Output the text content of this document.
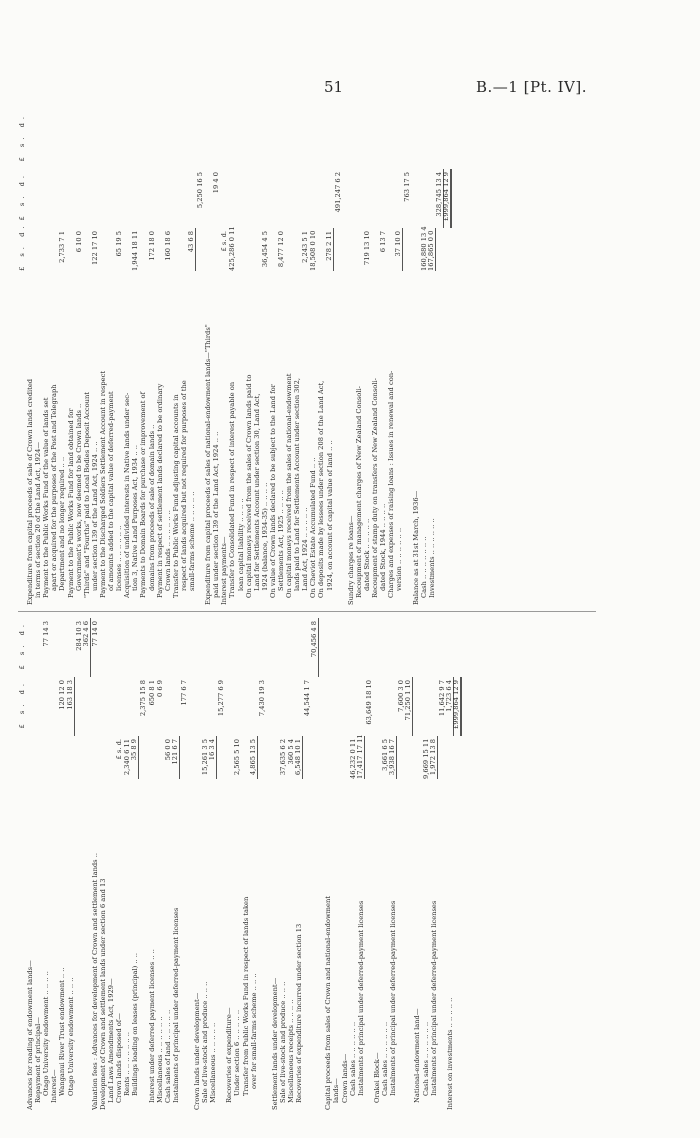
51	B.—1 [Pt. IV].
£ s. d.
£ s. d.
Advances for roading of endowment lands— Repayment of principal— Otago University endowment .. .. .. ..
77 14 3
Interest— Wanganui River Trust endowment .. ..
120 12 0
Otago University endowment .. .. ..
163 18 3
284 10 3 362 4 6
Valuation fees : Advances for development of Crown and settlement lands ..
77 14 0
Development of Crown and settlement lands under section 6 and 13 Land Laws Amendments Act, 1929— Crown lands disposed of—
£ s. d.
Rents .. .. .. .. .. .. ..
2,340 6 11
Buildings loading on leases (principal) .. ..
35 8 9
2,375 15 8
Interest under deferred payment licenses .. ..
650 8 1
Miscellaneous .. .. .. .. .. ..
0 6 9
Cash sales of land .. .. .. .. ..
56 0 0
Instalments of principal under deferred-payment licenses
121 6 7
177 6 7
Crown lands under development— Sale of live-stock and produce .. .. ..
15,261 3 5
Miscellaneous .. .. .. .. ..
16 3 4
15,277 6 9
Recoveries of expenditure— Under section 6 .. .. .. .. ..
2,565 5 10
Transfer from Public Works Fund in respect of lands taken over for small-farms scheme .. .. ..
4,865 13 5
7,430 19 3
Settlement lands under development— Sale of live-stock and produce .. .. ..
37,635 6 2
Miscellaneous receipts .. .. .. ..
360 5 4
Recoveries of expenditure incurred under section 13
6,548 10 1
44,544 1 7
70,456 4 8
Capital proceeds from sales of Crown and national-endowment lands— Crown lands— Cash sales .. .. .. .. .. ..
46,232 0 11
Instalments of principal under deferred-payment licenses
17,417 17 11
63,649 18 10
Orakei Block— Cash sales .. .. .. .. .. ..
3,661 6 5
Instalments of principal under deferred-payment licenses
3,938 16 7
7,600 3 0 71,250 1 10
National-endowment land— Cash sales .. .. .. .. .. ..
9,669 15 11
Instalments of principal under deferred-payment licenses
1,972 13 8
11,642 9 7
Interest on investments .. .. .. .. ..
1,723 6 4 £999,864 12 9
£ s. d.
£ s. d.
£ s. d.
Expenditure from capital proceeds of sale of Crown lands credited in terms of section 20 of the Land Act, 1924— Payment to the Public Works Fund of the value of lands set apart or acquired for the purposes of the Post and Telegraph Department and no longer required .. ..
2,733 7 1
Payment to the Public Works Fund for land obtained for Government's works, now deemed to be Crown lands ..
6 10 0
"Thirds" and "Fourths" paid to Local Bodies Deposit Account under section 139 of the Land Act, 1924 .. ..
122 17 10
Payment to the Discharged Soldiers Settlement Account in respect of amounts added to the capital value of deferred-payment licenses .. .. .. .. .. ..
65 19 5
Acquisition of undivided interests in Native lands under sec- tion 3, Native Land Purposes Act, 1934 .. ..
1,944 18 11
Payments to Domain Boards for purchase or improvement of domains from proceeds of sale of domain lands ..
172 18 0
Payment in respect of settlement lands declared to be ordinary Crown lands .. .. .. .. .. ..
160 18 6
Transfer to Public Works Fund adjusting capital accounts in respect of lands acquired but not required for purposes of the small-farms scheme .. .. .. .. ..
43 6 8
5,250 16 5
Expenditure from capital proceeds of sales of national-endowment lands—"Thirds" paid under section 139 of the Land Act, 1924 .. ..
19 4 0
Interest payments—
£ s. d.
Transfer to Consolidated Fund in respect of interest payable on
425,286 0 11
loan capital liability .. .. .. .. On capital moneys received from the sales of Crown lands paid to Land for Settlements Account under section 30, Land Act, 1924 (balance, 1934-35) .. .. .. ..
36,454 4 5
On value of Crown lands declared to be subject to the Land for Settlements Act, 1925 .. .. .. ..
8,477 12 0
On capital moneys received from the sales of national-endowment lands paid to Land for Settlements Account under section 302, Land Act, 1924 .. .. .. .. ..
2,243 5 1
On Cheviot Estate Accumulated Fund .. ..
18,508 0 10
On deposits made by lessees under section 208 of the Land Act, 1924, on account of capital value of land .. ..
278 2 11
491,247 6 2
Sundry charges re loans— Recoupment of management charges of New Zealand Consoli- dated Stock .. .. .. .. ..
719 13 10
Recoupment of stamp duty on transfers of New Zealand Consoli- dated Stock, 1944 .. .. .. ..
6 13 7
Charges and expenses of raising loans : Issues in renewal and con- version .. .. .. .. .. ..
37 10 0
763 17 5
Balance as at 31st March, 1936— Cash .. .. .. .. .. .. ..
160,880 13 4
Investments .. .. .. .. .. ..
167,865 0 0
328,745 13 4 £999,864 12 9
